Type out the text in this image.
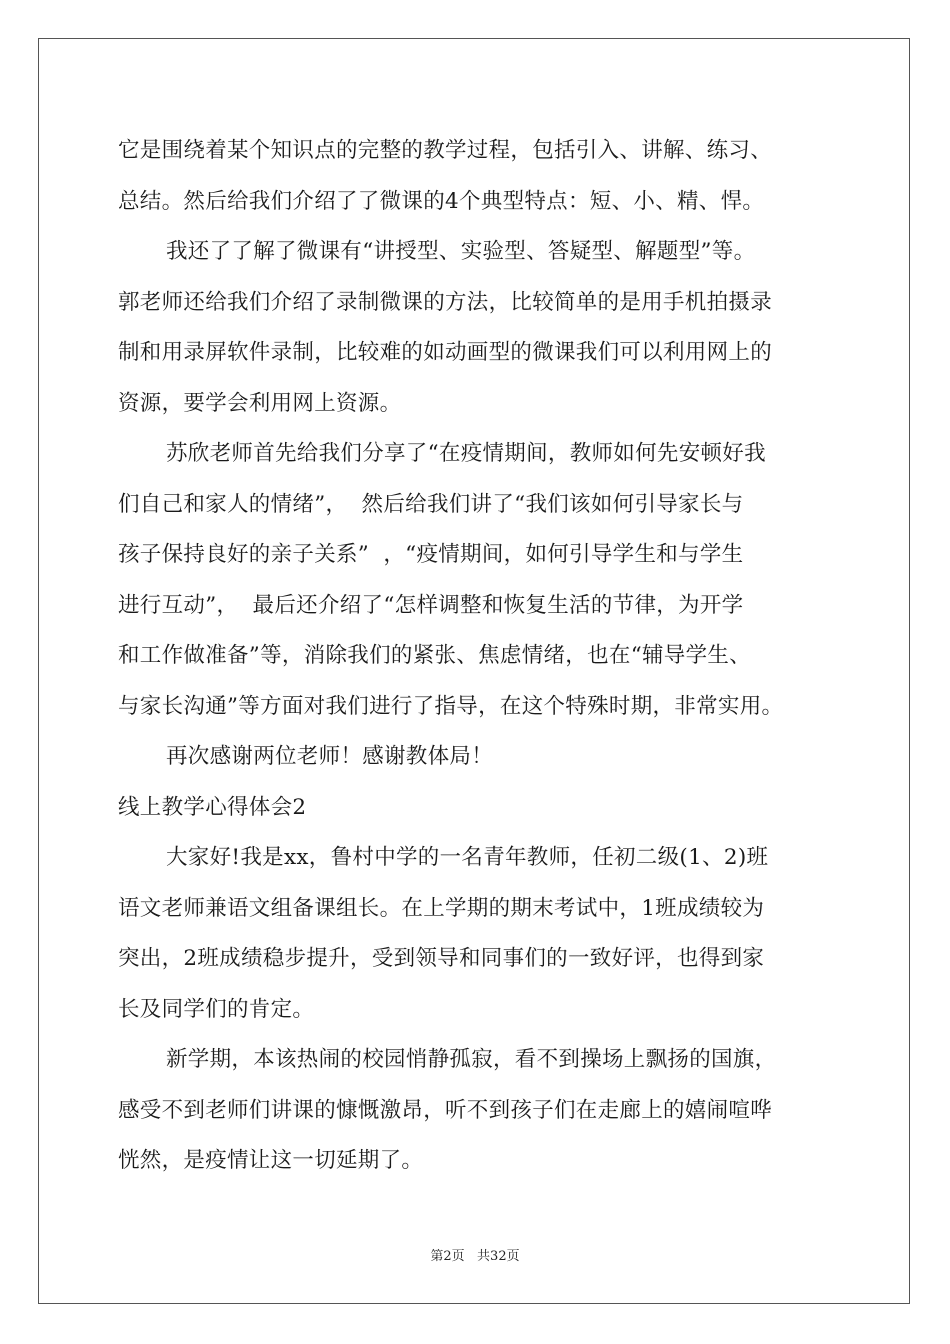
它是围绕着某个知识点的完整的教学过程，包括引入、讲解、练习、
总结。然后给我们介绍了了微课的4个典型特点：短、小、精、悍。
我还了了解了微课有“讲授型、实验型、答疑型、解题型”等。
郭老师还给我们介绍了录制微课的方法，比较简单的是用手机拍摄录
制和用录屏软件录制，比较难的如动画型的微课我们可以利用网上的
资源，要学会利用网上资源。
苏欣老师首先给我们分享了“在疫情期间，教师如何先安顿好我
们自己和家人的情绪”，  然后给我们讲了“我们该如何引导家长与
孩子保持良好的亲子关系”  ，“疫情期间，如何引导学生和与学生
进行互动”，  最后还介绍了“怎样调整和恢复生活的节律，为开学
和工作做准备”等，消除我们的紧张、焦虑情绪，也在“辅导学生、
与家长沟通”等方面对我们进行了指导，在这个特殊时期，非常实用。
再次感谢两位老师！感谢教体局！
线上教学心得体会2
大家好!我是xx，鲁村中学的一名青年教师，任初二级(1、2)班
语文老师兼语文组备课组长。在上学期的期末考试中，1班成绩较为
突出，2班成绩稳步提升，受到领导和同事们的一致好评，也得到家
长及同学们的肯定。
新学期，本该热闹的校园悄静孤寂，看不到操场上飘扬的国旗，
感受不到老师们讲课的慷慨激昂，听不到孩子们在走廊上的嬉闹喧哗
恍然，是疫情让这一切延期了。
第2页   共32页
